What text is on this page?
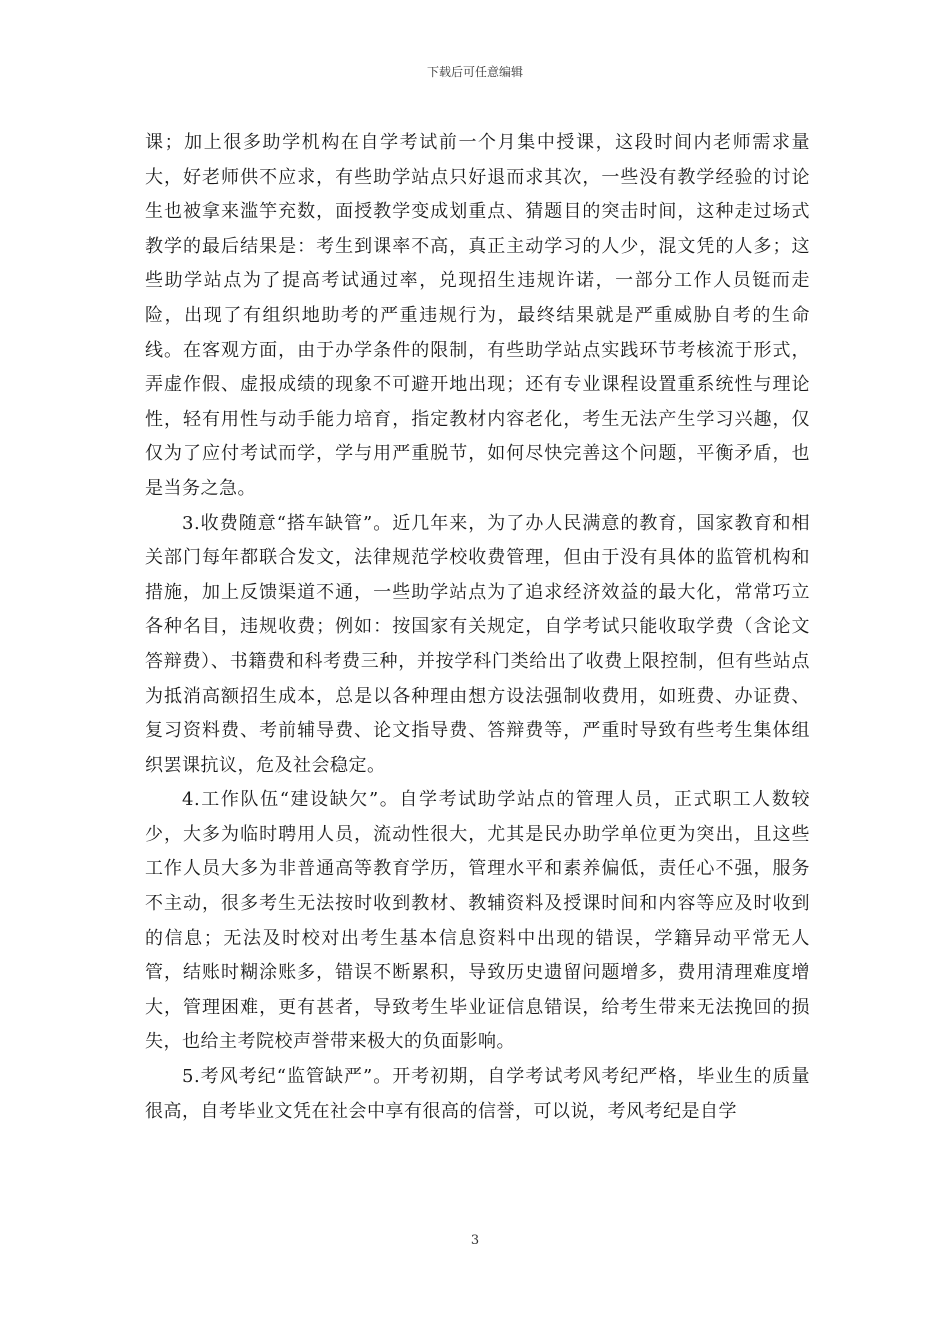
下载后可任意编辑

课；加上很多助学机构在自学考试前一个月集中授课，这段时间内老师需求量大，好老师供不应求，有些助学站点只好退而求其次，一些没有教学经验的讨论生也被拿来滥竽充数，面授教学变成划重点、猜题目的突击时间，这种走过场式教学的最后结果是：考生到课率不高，真正主动学习的人少，混文凭的人多；这些助学站点为了提高考试通过率，兑现招生违规许诺，一部分工作人员铤而走险，出现了有组织地助考的严重违规行为，最终结果就是严重威胁自考的生命线。在客观方面，由于办学条件的限制，有些助学站点实践环节考核流于形式，弄虚作假、虚报成绩的现象不可避开地出现；还有专业课程设置重系统性与理论性，轻有用性与动手能力培育，指定教材内容老化，考生无法产生学习兴趣，仅仅为了应付考试而学，学与用严重脱节，如何尽快完善这个问题，平衡矛盾，也是当务之急。

3.收费随意“搭车缺管”。近几年来，为了办人民满意的教育，国家教育和相关部门每年都联合发文，法律规范学校收费管理，但由于没有具体的监管机构和措施，加上反馈渠道不通，一些助学站点为了追求经济效益的最大化，常常巧立各种名目，违规收费；例如：按国家有关规定，自学考试只能收取学费（含论文答辩费）、书籍费和科考费三种，并按学科门类给出了收费上限控制，但有些站点为抵消高额招生成本，总是以各种理由想方设法强制收费用，如班费、办证费、复习资料费、考前辅导费、论文指导费、答辩费等，严重时导致有些考生集体组织罢课抗议，危及社会稳定。

4.工作队伍“建设缺欠”。自学考试助学站点的管理人员，正式职工人数较少，大多为临时聘用人员，流动性很大，尤其是民办助学单位更为突出，且这些工作人员大多为非普通高等教育学历，管理水平和素养偏低，责任心不强，服务不主动，很多考生无法按时收到教材、教辅资料及授课时间和内容等应及时收到的信息；无法及时校对出考生基本信息资料中出现的错误，学籍异动平常无人管，结账时糊涂账多，错误不断累积，导致历史遗留问题增多，费用清理难度增大，管理困难，更有甚者，导致考生毕业证信息错误，给考生带来无法挽回的损失，也给主考院校声誉带来极大的负面影响。

5.考风考纪“监管缺严”。开考初期，自学考试考风考纪严格，毕业生的质量很高，自考毕业文凭在社会中享有很高的信誉，可以说，考风考纪是自学

3
